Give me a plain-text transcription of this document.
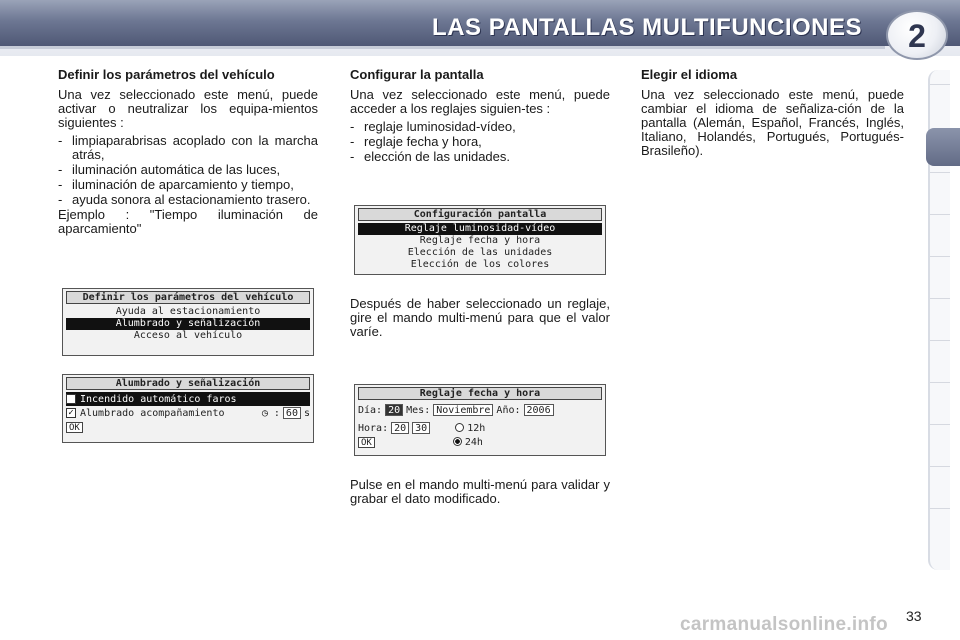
LAS PANTALLAS MULTIFUNCIONES	2
Definir los parámetros del vehículo

Una vez seleccionado este menú, puede activar o neutralizar los equipa-mientos siguientes :

- limpiaparabrisas acoplado con la marcha atrás,
- iluminación automática de las luces,
- iluminación de aparcamiento y tiempo,
- ayuda sonora al estacionamiento trasero.

Ejemplo : "Tiempo iluminación de aparcamiento"

Configurar la pantalla

Una vez seleccionado este menú, puede acceder a los reglajes siguien-tes :

- reglaje luminosidad-vídeo,
- reglaje fecha y hora,
- elección de las unidades.
Después de haber seleccionado un reglaje, gire el mando multi-menú para que el valor varíe.
Pulse en el mando multi-menú para validar y grabar el dato modificado.
Elegir el idioma

Una vez seleccionado este menú, puede cambiar el idioma de señaliza-ción de la pantalla (Alemán, Español, Francés, Inglés, Italiano, Holandés, Portugués, Portugués-Brasileño).

Definir los parámetros del vehículo
Ayuda al estacionamiento
Alumbrado y señalización
Acceso al vehículo
Alumbrado y señalización
Incendido automático faros
✓ Alumbrado acompañamiento	◷ : 60 s
OK
Configuración pantalla
Reglaje luminosidad-vídeo
Reglaje fecha y hora
Elección de las unidades
Elección de los colores
Reglaje fecha y hora
Día: 20 Mes: Noviembre Año: 2006
Hora: 20 30	12h
OK	24h
carmanualsonline.info 33
